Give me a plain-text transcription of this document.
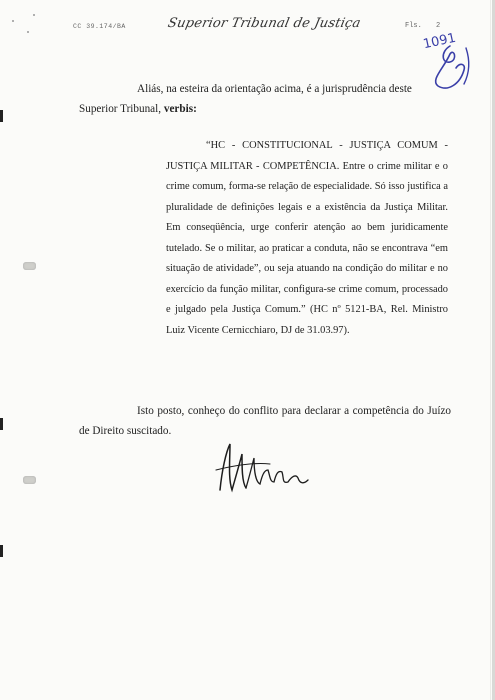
CC 39.174/BA	Superior Tribunal de Justiça	Fls. 2
1091
Aliás, na esteira da orientação acima, é a jurisprudência deste
Superior Tribunal, verbis:

“HC - CONSTITUCIONAL - JUSTIÇA COMUM - JUSTIÇA MILITAR - COMPETÊNCIA. Entre o crime militar e o crime comum, forma-se relação de especialidade. Só isso justifica a pluralidade de definições legais e a existência da Justiça Militar. Em conseqüência, urge conferir atenção ao bem juridicamente tutelado. Se o militar, ao praticar a conduta, não se encontrava “em situação de atividade”, ou seja atuando na condição do militar e no exercício da função militar, configura-se crime comum, processado e julgado pela Justiça Comum.” (HC nº 5121-BA, Rel. Ministro Luiz Vicente Cernicchiaro, DJ de 31.03.97).

Isto posto, conheço do conflito para declarar a competência do Juízo de Direito suscitado.
